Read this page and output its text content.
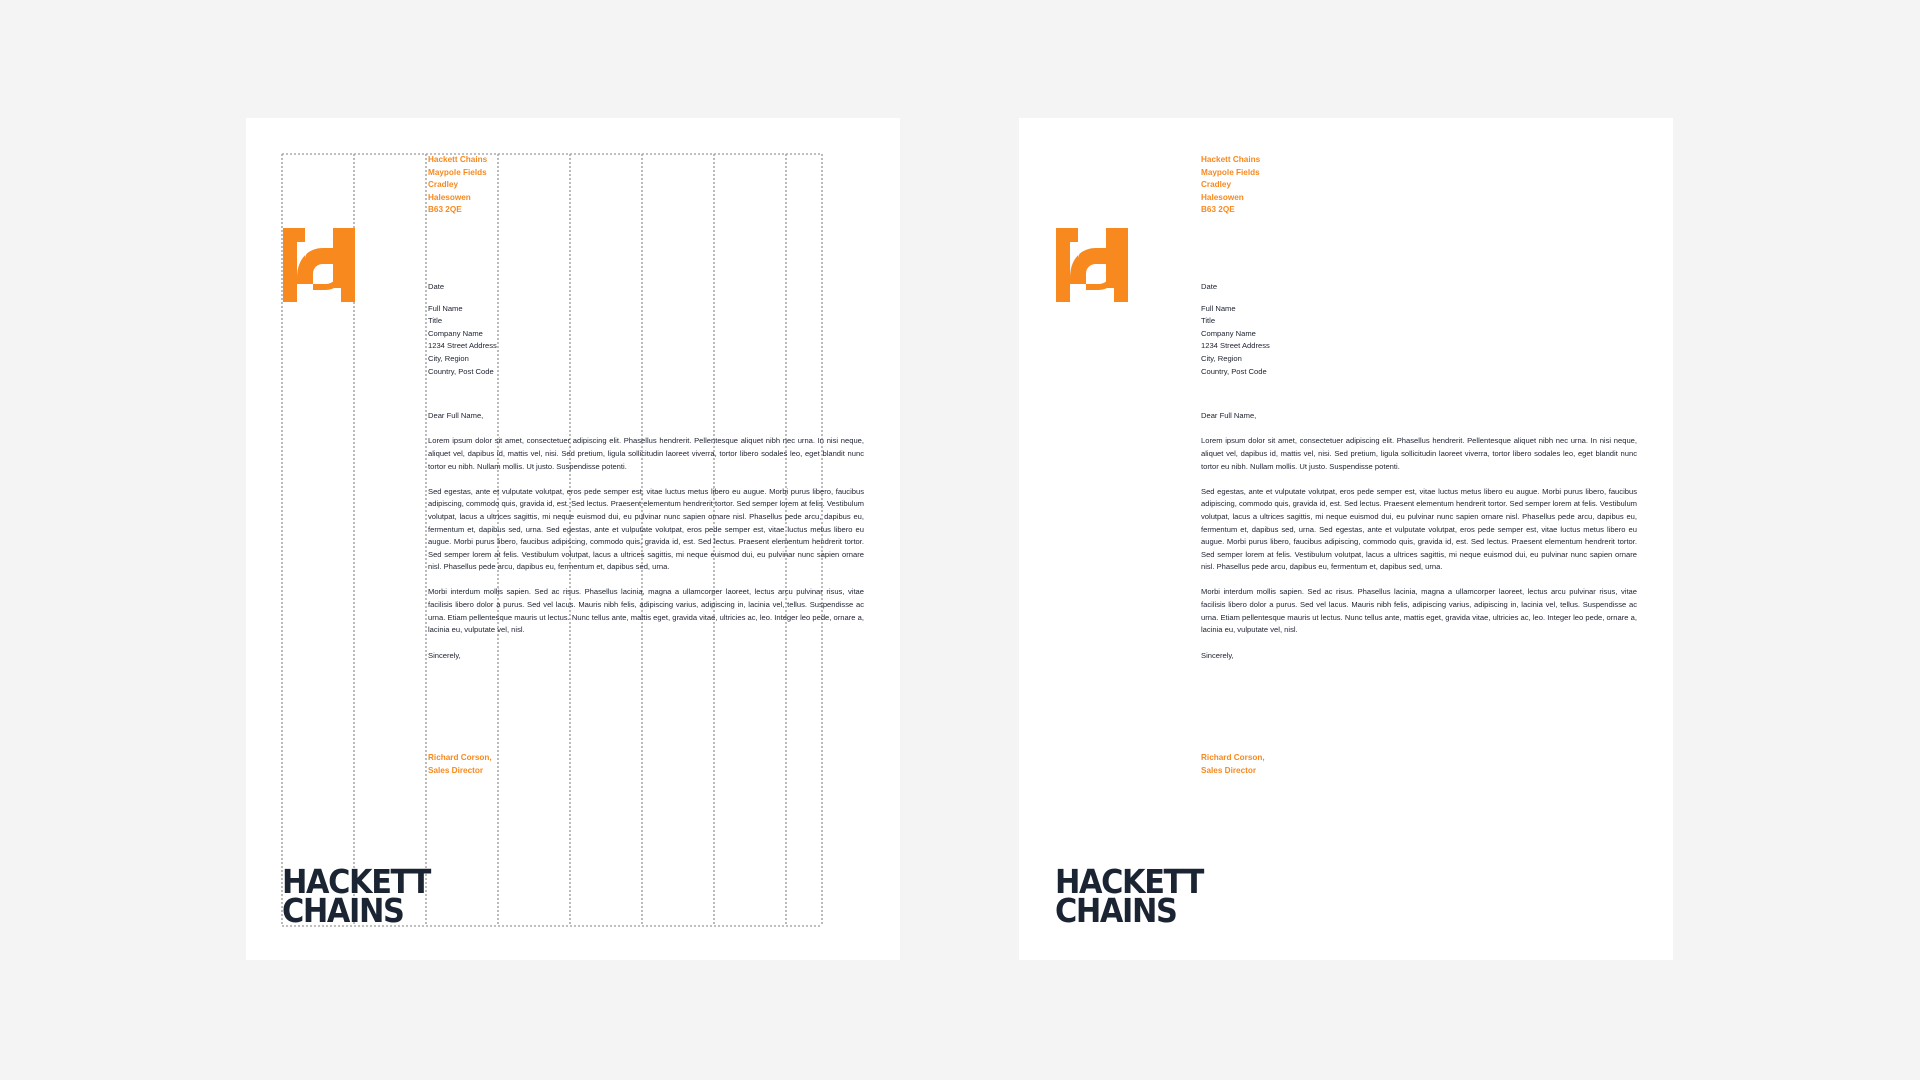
Hackett Chains
Maypole Fields
Cradley
Halesowen
B63 2QE
Date
Full Name
Title
Company Name
1234 Street Address
City, Region
Country, Post Code
Dear Full Name,

Lorem ipsum dolor sit amet, consectetuer adipiscing elit. Phasellus hendrerit. Pellentesque aliquet nibh nec urna. In nisi neque, aliquet vel, dapibus id, mattis vel, nisi. Sed pretium, ligula sollicitudin laoreet viverra, tortor libero sodales leo, eget blandit nunc tortor eu nibh. Nullam mollis. Ut justo. Suspendisse potenti.

Sed egestas, ante et vulputate volutpat, eros pede semper est, vitae luctus metus libero eu augue. Morbi purus libero, faucibus adipiscing, commodo quis, gravida id, est. Sed lectus. Praesent elementum hendrerit tortor. Sed semper lorem at felis. Vestibulum volutpat, lacus a ultrices sagittis, mi neque euismod dui, eu pulvinar nunc sapien ornare nisl. Phasellus pede arcu, dapibus eu, fermentum et, dapibus sed, urna. Sed egestas, ante et vulputate volutpat, eros pede semper est, vitae luctus metus libero eu augue. Morbi purus libero, faucibus adipiscing, commodo quis, gravida id, est. Sed lectus. Praesent elementum hendrerit tortor. Sed semper lorem at felis. Vestibulum volutpat, lacus a ultrices sagittis, mi neque euismod dui, eu pulvinar nunc sapien ornare nisl. Phasellus pede arcu, dapibus eu, fermentum et, dapibus sed, urna.

Morbi interdum mollis sapien. Sed ac risus. Phasellus lacinia, magna a ullamcorper laoreet, lectus arcu pulvinar risus, vitae facilisis libero dolor a purus. Sed vel lacus. Mauris nibh felis, adipiscing varius, adipiscing in, lacinia vel, tellus. Suspendisse ac urna. Etiam pellentesque mauris ut lectus. Nunc tellus ante, mattis eget, gravida vitae, ultricies ac, leo. Integer leo pede, ornare a, lacinia eu, vulputate vel, nisl.

Sincerely,
Richard Corson,
Sales Director
HACKETT
CHAINS
Hackett Chains
Maypole Fields
Cradley
Halesowen
B63 2QE
Date
Full Name
Title
Company Name
1234 Street Address
City, Region
Country, Post Code
Dear Full Name,

Lorem ipsum dolor sit amet, consectetuer adipiscing elit. Phasellus hendrerit. Pellentesque aliquet nibh nec urna. In nisi neque, aliquet vel, dapibus id, mattis vel, nisi. Sed pretium, ligula sollicitudin laoreet viverra, tortor libero sodales leo, eget blandit nunc tortor eu nibh. Nullam mollis. Ut justo. Suspendisse potenti.

Sed egestas, ante et vulputate volutpat, eros pede semper est, vitae luctus metus libero eu augue. Morbi purus libero, faucibus adipiscing, commodo quis, gravida id, est. Sed lectus. Praesent elementum hendrerit tortor. Sed semper lorem at felis. Vestibulum volutpat, lacus a ultrices sagittis, mi neque euismod dui, eu pulvinar nunc sapien ornare nisl. Phasellus pede arcu, dapibus eu, fermentum et, dapibus sed, urna. Sed egestas, ante et vulputate volutpat, eros pede semper est, vitae luctus metus libero eu augue. Morbi purus libero, faucibus adipiscing, commodo quis, gravida id, est. Sed lectus. Praesent elementum hendrerit tortor. Sed semper lorem at felis. Vestibulum volutpat, lacus a ultrices sagittis, mi neque euismod dui, eu pulvinar nunc sapien ornare nisl. Phasellus pede arcu, dapibus eu, fermentum et, dapibus sed, urna.

Morbi interdum mollis sapien. Sed ac risus. Phasellus lacinia, magna a ullamcorper laoreet, lectus arcu pulvinar risus, vitae facilisis libero dolor a purus. Sed vel lacus. Mauris nibh felis, adipiscing varius, adipiscing in, lacinia vel, tellus. Suspendisse ac urna. Etiam pellentesque mauris ut lectus. Nunc tellus ante, mattis eget, gravida vitae, ultricies ac, leo. Integer leo pede, ornare a, lacinia eu, vulputate vel, nisl.

Sincerely,
Richard Corson,
Sales Director
HACKETT
CHAINS
